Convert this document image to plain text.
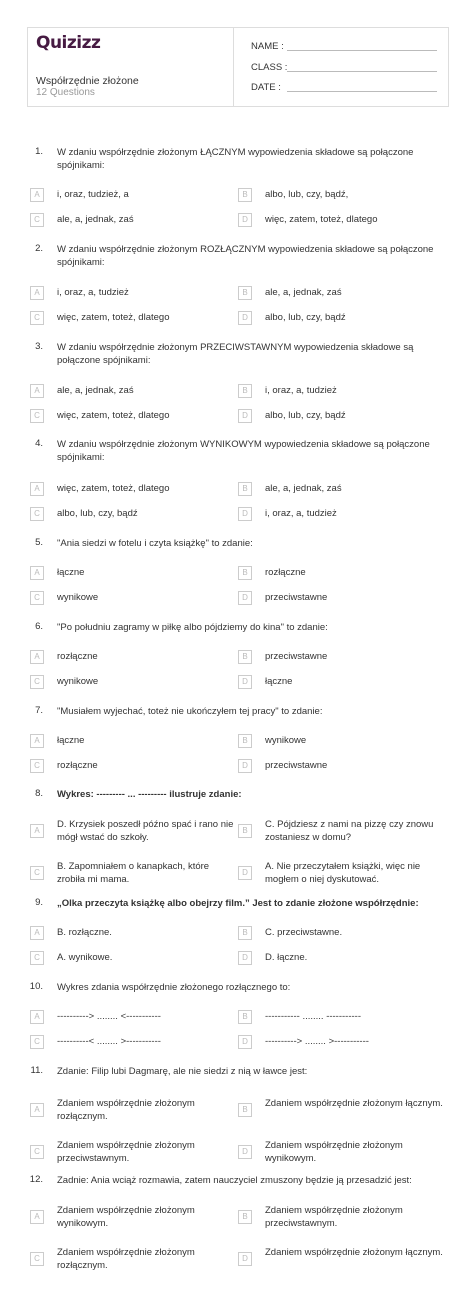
Quizizz
Współrzędnie złożone
12 Questions
NAME :
CLASS :
DATE :
1. W zdaniu współrzędnie złożonym ŁĄCZNYM wypowiedzenia składowe są połączone spójnikami:
A	i, oraz, tudzież, a	B	albo, lub, czy, bądź,
C	ale, a, jednak, zaś	D	więc, zatem, toteż, dlatego
2. W zdaniu współrzędnie złożonym ROZŁĄCZNYM wypowiedzenia składowe są połączone spójnikami:
A	i, oraz, a, tudzież	B	ale, a, jednak, zaś
C	więc, zatem, toteż, dlatego	D	albo, lub, czy, bądź
3. W zdaniu współrzędnie złożonym PRZECIWSTAWNYM wypowiedzenia składowe są połączone spójnikami:
A	ale, a, jednak, zaś	B	i, oraz, a, tudzież
C	więc, zatem, toteż, dlatego	D	albo, lub, czy, bądź
4. W zdaniu współrzędnie złożonym WYNIKOWYM wypowiedzenia składowe są połączone spójnikami:
A	więc, zatem, toteż, dlatego	B	ale, a, jednak, zaś
C	albo, lub, czy, bądź	D	i, oraz, a, tudzież
5. "Ania siedzi w fotelu i czyta książkę" to zdanie:
A	łączne	B	rozłączne
C	wynikowe	D	przeciwstawne
6. "Po południu zagramy w piłkę albo pójdziemy do kina" to zdanie:
A	rozłączne	B	przeciwstawne
C	wynikowe	D	łączne
7. "Musiałem wyjechać, toteż nie ukończyłem tej pracy" to zdanie:
A	łączne	B	wynikowe
C	rozłączne	D	przeciwstawne
8. Wykres: --------- ... --------- ilustruje zdanie:
A
D. Krzysiek poszedł późno spać i rano nie mógł wstać do szkoły.
B
C. Pójdziesz z nami na pizzę czy znowu zostaniesz w domu?
C
B. Zapomniałem o kanapkach, które zrobiła mi mama.
D
A. Nie przeczytałem książki, więc nie mogłem o niej dyskutować.
9. „Olka przeczyta książkę albo obejrzy film.” Jest to zdanie złożone współrzędnie:
A	B. rozłączne.	B	C. przeciwstawne.
C	A. wynikowe.	D	D. łączne.
10. Wykres zdania współrzędnie złożonego rozłącznego to:
A	----------> ........ <-----------	B	----------- ........ -----------
C	----------< ........ >-----------	D	----------> ........ >-----------
11. Zdanie: Filip lubi Dagmarę, ale nie siedzi z nią w ławce jest:
A
Zdaniem współrzędnie złożonym rozłącznym.
B
Zdaniem współrzędnie złożonym łącznym.
C
Zdaniem współrzędnie złożonym przeciwstawnym.
D
Zdaniem współrzędnie złożonym wynikowym.
12. Zadnie: Ania wciąż rozmawia, zatem nauczyciel zmuszony będzie ją przesadzić jest:
A
Zdaniem współrzędnie złożonym wynikowym.
B
Zdaniem współrzędnie złożonym przeciwstawnym.
C
Zdaniem współrzędnie złożonym rozłącznym.
D
Zdaniem współrzędnie złożonym łącznym.
